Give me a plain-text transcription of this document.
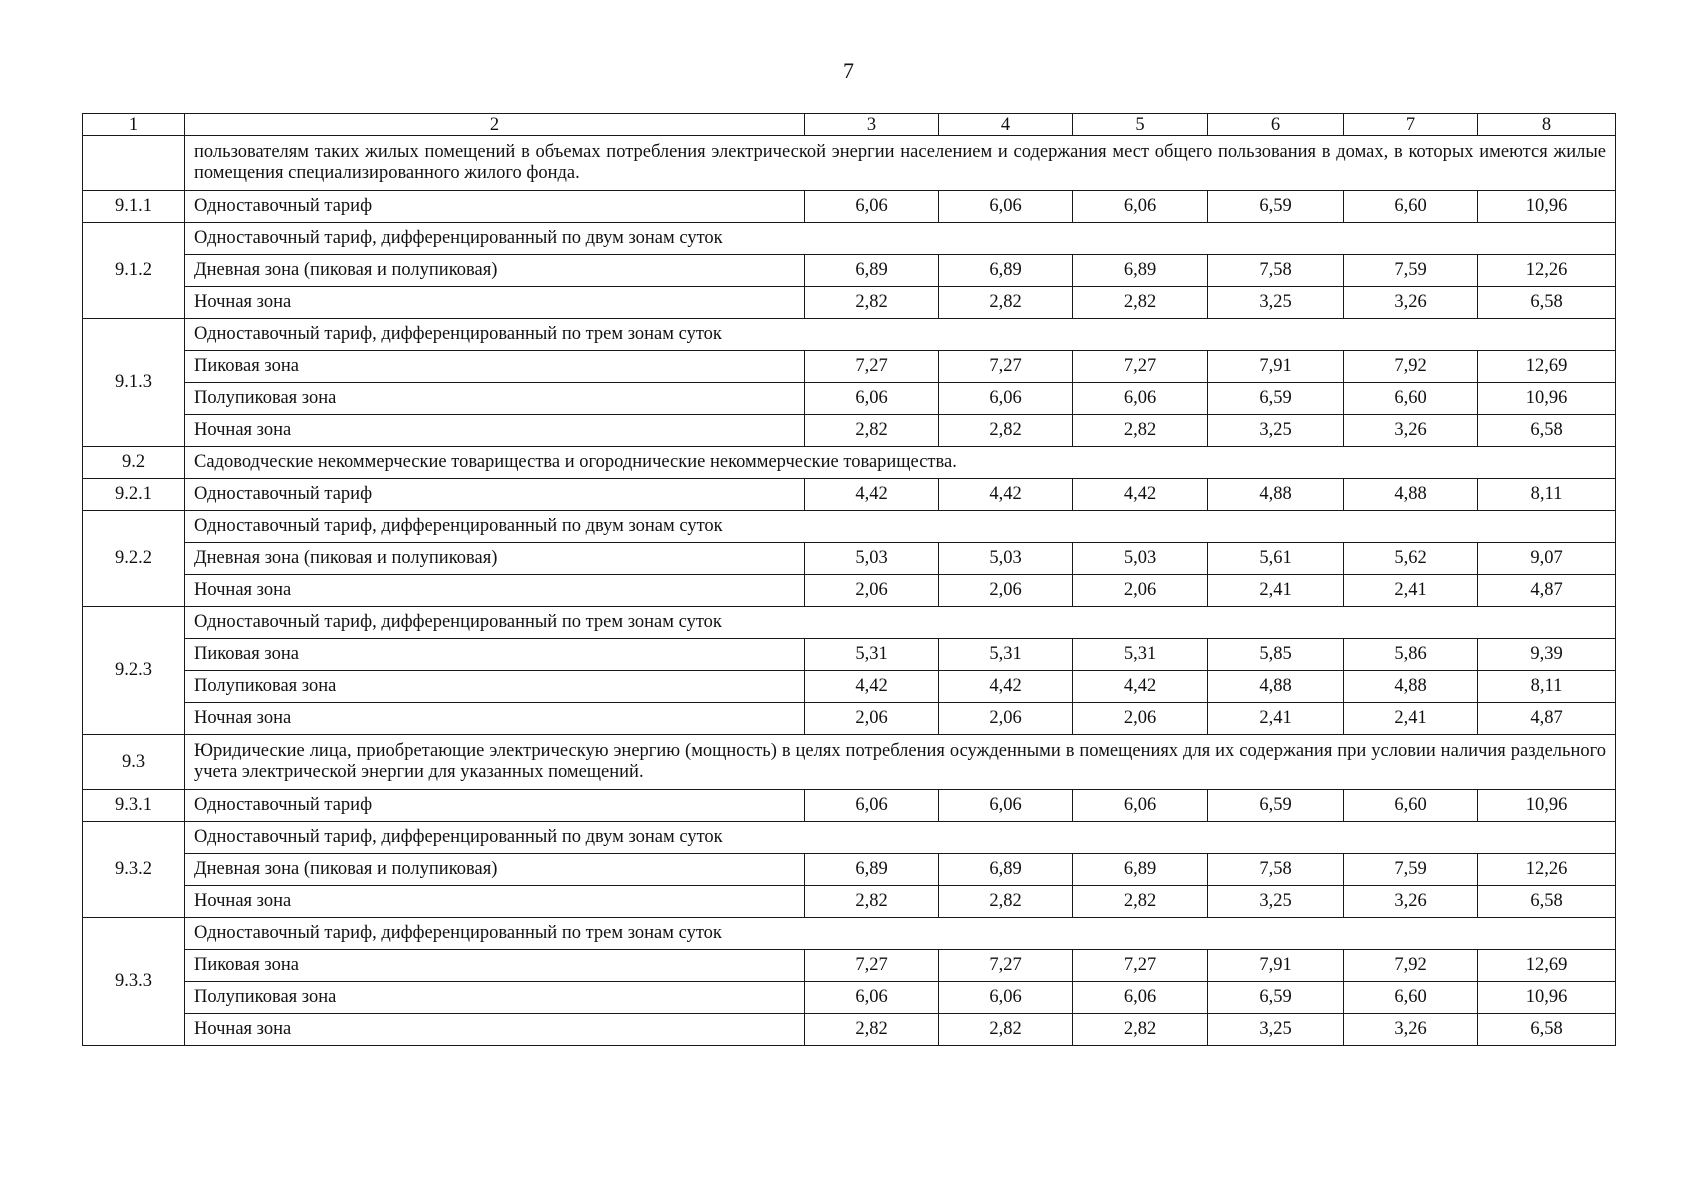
7
1	2	3	4	5	6	7	8
	пользователям таких жилых помещений в объемах потребления электрической энергии населением и содержания мест общего пользования в домах, в которых имеются жилые помещения специализированного жилого фонда.						
9.1.1	Одноставочный тариф	6,06	6,06	6,06	6,59	6,60	10,96
9.1.2	Одноставочный тариф, дифференцированный по двум зонам суток						
	Дневная зона (пиковая и полупиковая)	6,89	6,89	6,89	7,58	7,59	12,26
	Ночная зона	2,82	2,82	2,82	3,25	3,26	6,58
9.1.3	Одноставочный тариф, дифференцированный по трем зонам суток						
	Пиковая зона	7,27	7,27	7,27	7,91	7,92	12,69
	Полупиковая зона	6,06	6,06	6,06	6,59	6,60	10,96
	Ночная зона	2,82	2,82	2,82	3,25	3,26	6,58
9.2	Садоводческие некоммерческие товарищества и огороднические некоммерческие товарищества.						
9.2.1	Одноставочный тариф	4,42	4,42	4,42	4,88	4,88	8,11
9.2.2	Одноставочный тариф, дифференцированный по двум зонам суток						
	Дневная зона (пиковая и полупиковая)	5,03	5,03	5,03	5,61	5,62	9,07
	Ночная зона	2,06	2,06	2,06	2,41	2,41	4,87
9.2.3	Одноставочный тариф, дифференцированный по трем зонам суток						
	Пиковая зона	5,31	5,31	5,31	5,85	5,86	9,39
	Полупиковая зона	4,42	4,42	4,42	4,88	4,88	8,11
	Ночная зона	2,06	2,06	2,06	2,41	2,41	4,87
9.3	Юридические лица, приобретающие электрическую энергию (мощность) в целях потребления осужденными в помещениях для их содержания при условии наличия раздельного учета электрической энергии для указанных помещений.						
9.3.1	Одноставочный тариф	6,06	6,06	6,06	6,59	6,60	10,96
9.3.2	Одноставочный тариф, дифференцированный по двум зонам суток						
	Дневная зона (пиковая и полупиковая)	6,89	6,89	6,89	7,58	7,59	12,26
	Ночная зона	2,82	2,82	2,82	3,25	3,26	6,58
9.3.3	Одноставочный тариф, дифференцированный по трем зонам суток						
	Пиковая зона	7,27	7,27	7,27	7,91	7,92	12,69
	Полупиковая зона	6,06	6,06	6,06	6,59	6,60	10,96
	Ночная зона	2,82	2,82	2,82	3,25	3,26	6,58
